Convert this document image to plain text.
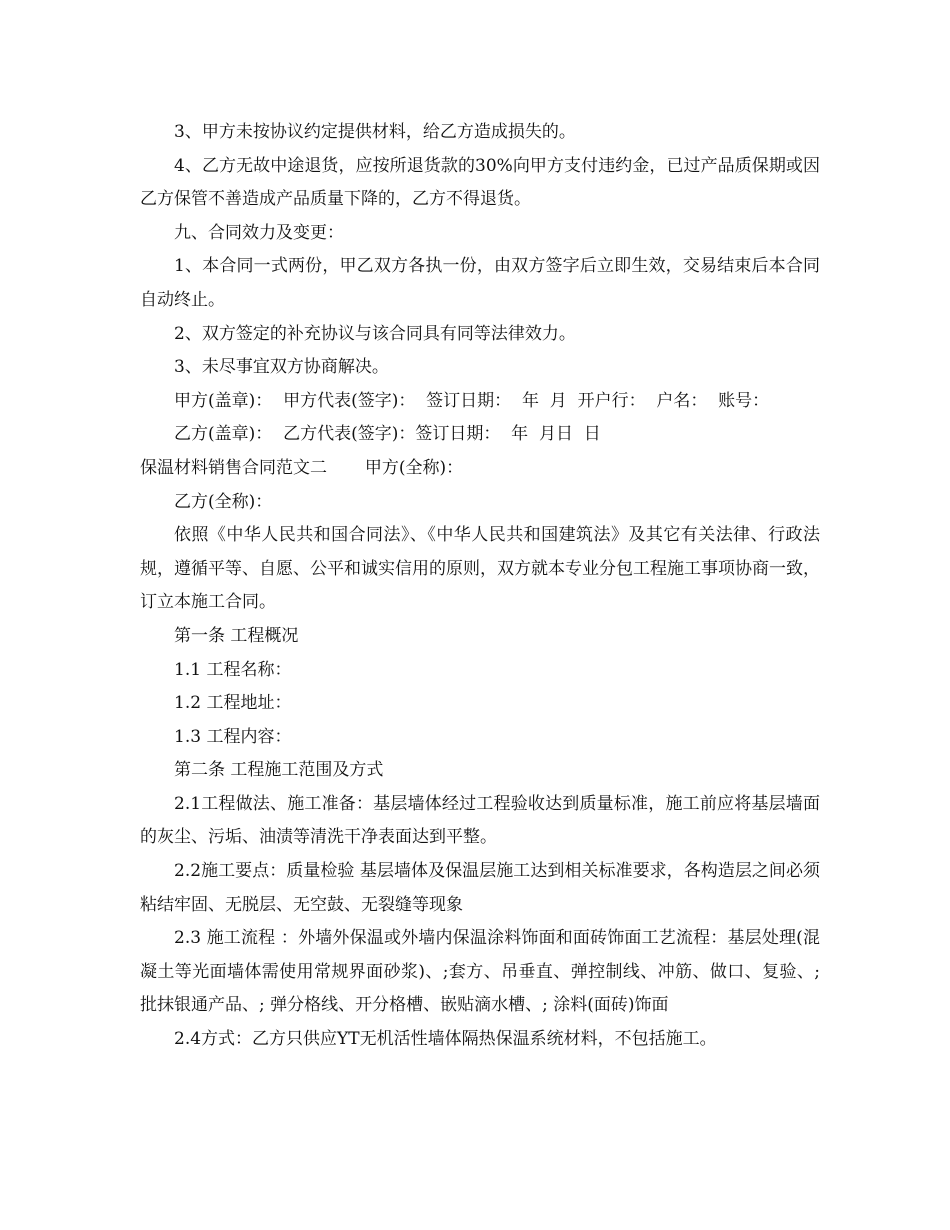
3、甲方未按协议约定提供材料，给乙方造成损失的。

4、乙方无故中途退货，应按所退货款的30%向甲方支付违约金，已过产品质保期或因乙方保管不善造成产品质量下降的，乙方不得退货。

九、合同效力及变更：

1、本合同一式两份，甲乙双方各执一份，由双方签字后立即生效，交易结束后本合同自动终止。

2、双方签定的补充协议与该合同具有同等法律效力。

3、未尽事宜双方协商解决。

甲方(盖章)：  甲方代表(签字)：  签订日期：  年  月  开户行：  户名：  账号：

乙方(盖章)：  乙方代表(签字)：签订日期：  年  月日  日

保温材料销售合同范文二       甲方(全称)：

乙方(全称)：

依照《中华人民共和国合同法》、《中华人民共和国建筑法》及其它有关法律、行政法规，遵循平等、自愿、公平和诚实信用的原则，双方就本专业分包工程施工事项协商一致，订立本施工合同。

第一条 工程概况

1.1 工程名称：

1.2 工程地址：

1.3 工程内容：

第二条 工程施工范围及方式

2.1工程做法、施工准备：基层墙体经过工程验收达到质量标准，施工前应将基层墙面的灰尘、污垢、油渍等清洗干净表面达到平整。

2.2施工要点：质量检验 基层墙体及保温层施工达到相关标准要求，各构造层之间必须粘结牢固、无脱层、无空鼓、无裂缝等现象

2.3 施工流程 ：外墙外保温或外墙内保温涂料饰面和面砖饰面工艺流程：基层处理(混凝土等光面墙体需使用常规界面砂浆)、;套方、吊垂直、弹控制线、冲筋、做口、复验、;批抹银通产品、; 弹分格线、开分格槽、嵌贴滴水槽、; 涂料(面砖)饰面

2.4方式：乙方只供应YT无机活性墙体隔热保温系统材料，不包括施工。
